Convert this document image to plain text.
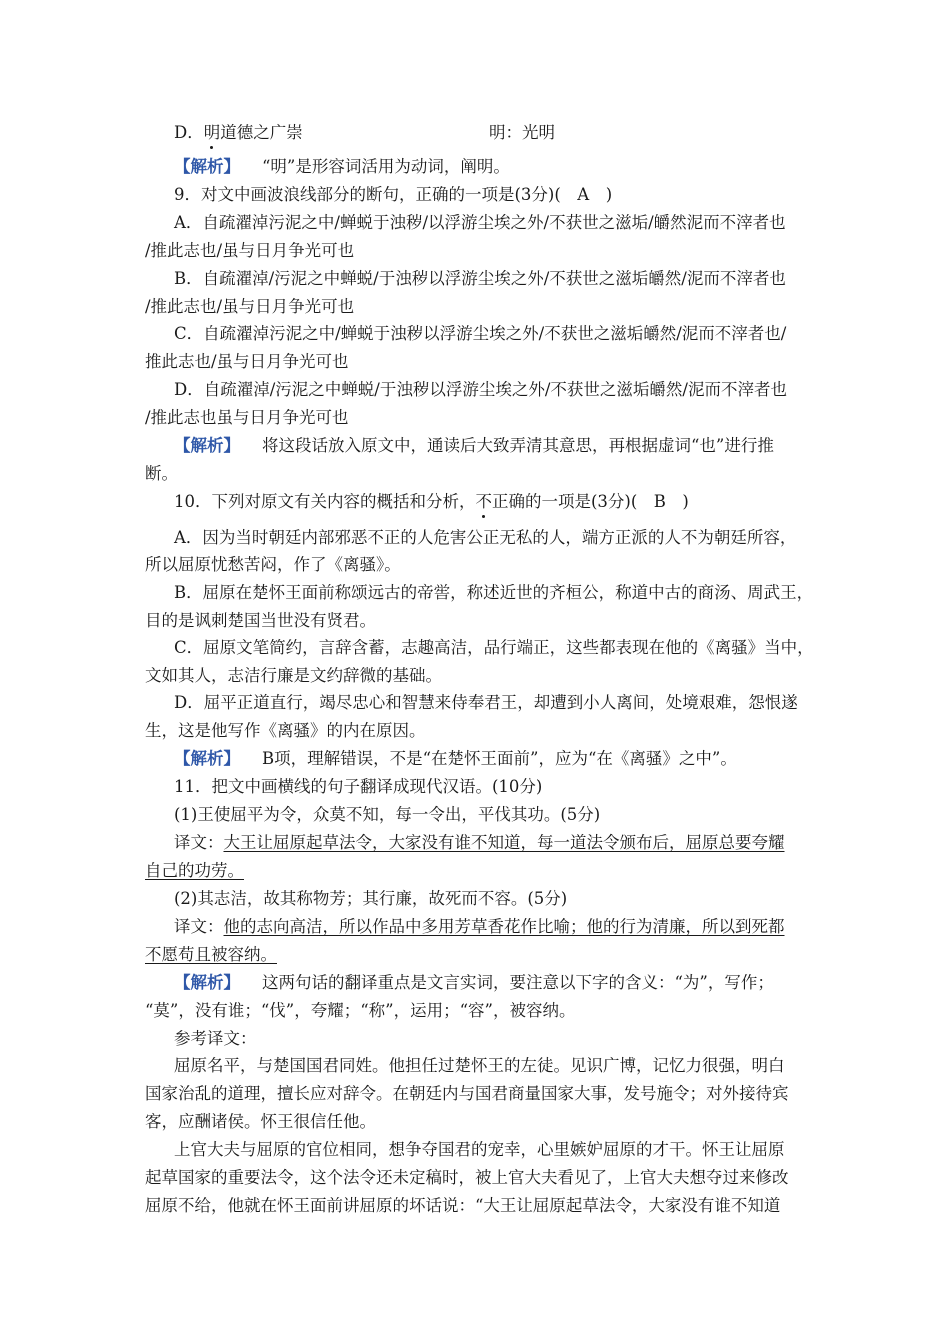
D．明道德之广崇	明：光明
【解析】 “明”是形容词活用为动词，阐明。
9．对文中画波浪线部分的断句，正确的一项是(3分)(　A　)
A．自疏濯淖污泥之中/蝉蜕于浊秽/以浮游尘埃之外/不获世之滋垢/皭然泥而不滓者也
/推此志也/虽与日月争光可也
B．自疏濯淖/污泥之中蝉蜕/于浊秽以浮游尘埃之外/不获世之滋垢皭然/泥而不滓者也
/推此志也/虽与日月争光可也
C．自疏濯淖污泥之中/蝉蜕于浊秽以浮游尘埃之外/不获世之滋垢皭然/泥而不滓者也/
推此志也/虽与日月争光可也
D．自疏濯淖/污泥之中蝉蜕/于浊秽以浮游尘埃之外/不获世之滋垢皭然/泥而不滓者也
/推此志也虽与日月争光可也
【解析】 将这段话放入原文中，通读后大致弄清其意思，再根据虚词“也”进行推
断。
10．下列对原文有关内容的概括和分析，不正确的一项是(3分)(　B　)
A．因为当时朝廷内部邪恶不正的人危害公正无私的人，端方正派的人不为朝廷所容，
所以屈原忧愁苦闷，作了《离骚》。
B．屈原在楚怀王面前称颂远古的帝喾，称述近世的齐桓公，称道中古的商汤、周武王，
目的是讽刺楚国当世没有贤君。
C．屈原文笔简约，言辞含蓄，志趣高洁，品行端正，这些都表现在他的《离骚》当中，
文如其人，志洁行廉是文约辞微的基础。
D．屈平正道直行，竭尽忠心和智慧来侍奉君王，却遭到小人离间，处境艰难，怨恨遂
生，这是他写作《离骚》的内在原因。
【解析】 B项，理解错误，不是“在楚怀王面前”，应为“在《离骚》之中”。
11．把文中画横线的句子翻译成现代汉语。(10分)
(1)王使屈平为令，众莫不知，每一令出，平伐其功。(5分)
译文：大王让屈原起草法令，大家没有谁不知道，每一道法令颁布后，屈原总要夸耀
自己的功劳。
(2)其志洁，故其称物芳；其行廉，故死而不容。(5分)
译文：他的志向高洁，所以作品中多用芳草香花作比喻；他的行为清廉，所以到死都
不愿苟且被容纳。
【解析】 这两句话的翻译重点是文言实词，要注意以下字的含义：“为”，写作；
“莫”，没有谁；“伐”，夸耀；“称”，运用；“容”，被容纳。
参考译文：
屈原名平，与楚国国君同姓。他担任过楚怀王的左徒。见识广博，记忆力很强，明白
国家治乱的道理，擅长应对辞令。在朝廷内与国君商量国家大事，发号施令；对外接待宾
客，应酬诸侯。怀王很信任他。
上官大夫与屈原的官位相同，想争夺国君的宠幸，心里嫉妒屈原的才干。怀王让屈原
起草国家的重要法令，这个法令还未定稿时，被上官大夫看见了，上官大夫想夺过来修改
屈原不给，他就在怀王面前讲屈原的坏话说：“大王让屈原起草法令，大家没有谁不知道
